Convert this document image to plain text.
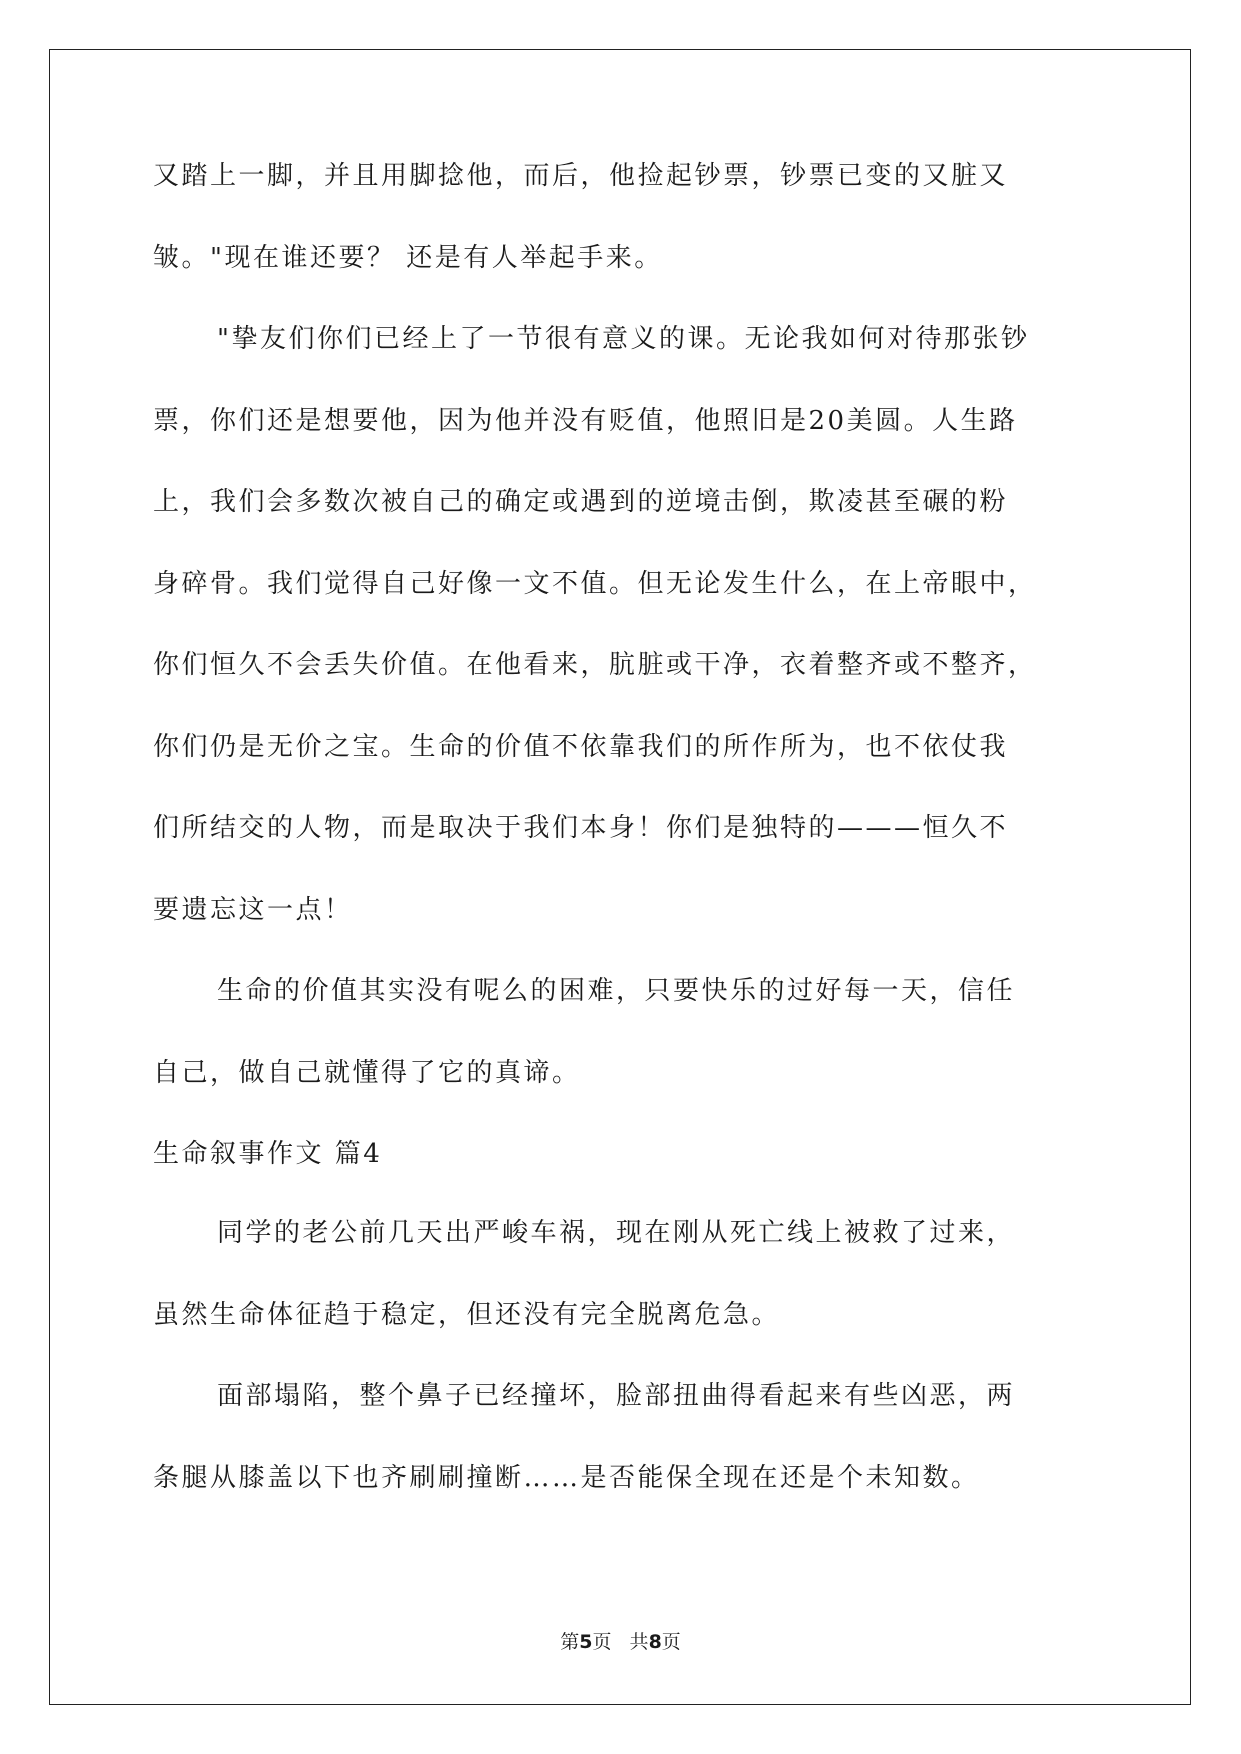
又踏上一脚，并且用脚捻他，而后，他捡起钞票，钞票已变的又脏又
皱。"现在谁还要？ 还是有人举起手来。
"挚友们你们已经上了一节很有意义的课。无论我如何对待那张钞
票，你们还是想要他，因为他并没有贬值，他照旧是20美圆。人生路
上，我们会多数次被自己的确定或遇到的逆境击倒，欺凌甚至碾的粉
身碎骨。我们觉得自己好像一文不值。但无论发生什么，在上帝眼中，
你们恒久不会丢失价值。在他看来，肮脏或干净，衣着整齐或不整齐，
你们仍是无价之宝。生命的价值不依靠我们的所作所为，也不依仗我
们所结交的人物，而是取决于我们本身！你们是独特的———恒久不
要遗忘这一点！
生命的价值其实没有呢么的困难，只要快乐的过好每一天，信任
自己，做自己就懂得了它的真谛。
生命叙事作文 篇4
同学的老公前几天出严峻车祸，现在刚从死亡线上被救了过来，
虽然生命体征趋于稳定，但还没有完全脱离危急。
面部塌陷，整个鼻子已经撞坏，脸部扭曲得看起来有些凶恶，两
条腿从膝盖以下也齐刷刷撞断……是否能保全现在还是个未知数。
第5页   共8页
